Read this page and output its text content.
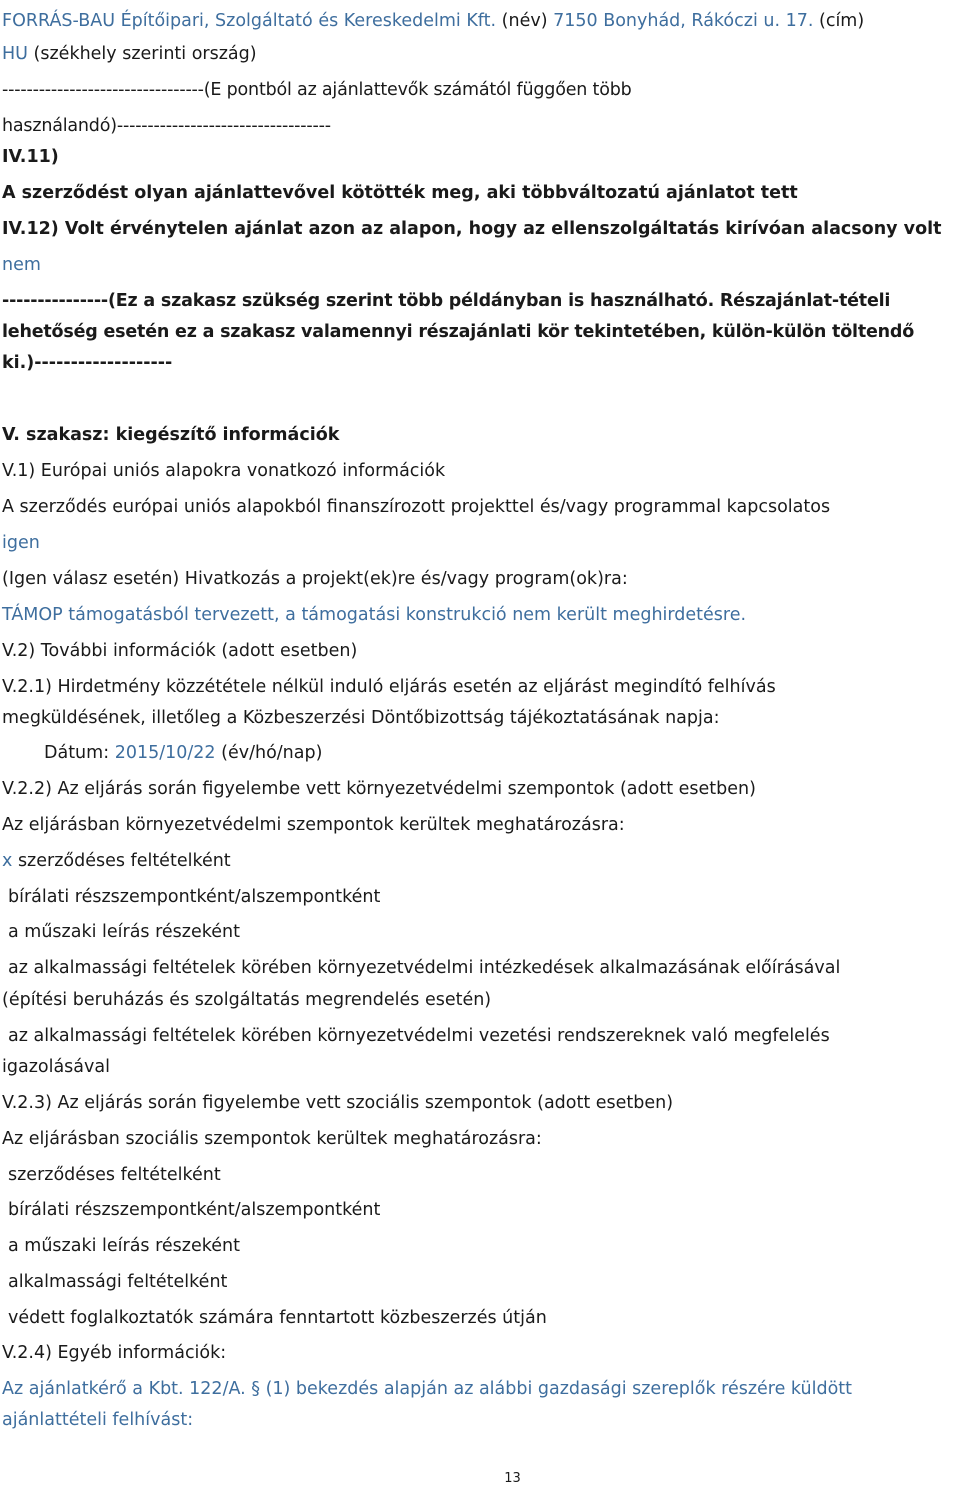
FORRÁS-BAU Építőipari, Szolgáltató és Kereskedelmi Kft. (név) 7150 Bonyhád, Rákóczi u. 17. (cím)
HU (székhely szerinti ország)
---------------------------------(E pontból az ajánlattevők számától függően több
használandó)-----------------------------------
IV.11)
A szerződést olyan ajánlattevővel kötötték meg, aki többváltozatú ajánlatot tett
IV.12) Volt érvénytelen ajánlat azon az alapon, hogy az ellenszolgáltatás kirívóan alacsony volt
nem
---------------(Ez a szakasz szükség szerint több példányban is használható. Részajánlat-tételi
lehetőség esetén ez a szakasz valamennyi részajánlati kör tekintetében, külön-külön töltendő
ki.)-------------------
V. szakasz: kiegészítő információk
V.1) Európai uniós alapokra vonatkozó információk
A szerződés európai uniós alapokból finanszírozott projekttel és/vagy programmal kapcsolatos
igen
(Igen válasz esetén) Hivatkozás a projekt(ek)re és/vagy program(ok)ra:
TÁMOP támogatásból tervezett, a támogatási konstrukció nem került meghirdetésre.
V.2) További információk (adott esetben)
V.2.1) Hirdetmény közzététele nélkül induló eljárás esetén az eljárást megindító felhívás
megküldésének, illetőleg a Közbeszerzési Döntőbizottság tájékoztatásának napja:
Dátum: 2015/10/22 (év/hó/nap)
V.2.2) Az eljárás során figyelembe vett környezetvédelmi szempontok (adott esetben)
Az eljárásban környezetvédelmi szempontok kerültek meghatározásra:
x szerződéses feltételként
bírálati részszempontként/alszempontként
a műszaki leírás részeként
az alkalmassági feltételek körében környezetvédelmi intézkedések alkalmazásának előírásával
(építési beruházás és szolgáltatás megrendelés esetén)
az alkalmassági feltételek körében környezetvédelmi vezetési rendszereknek való megfelelés
igazolásával
V.2.3) Az eljárás során figyelembe vett szociális szempontok (adott esetben)
Az eljárásban szociális szempontok kerültek meghatározásra:
szerződéses feltételként
bírálati részszempontként/alszempontként
a műszaki leírás részeként
alkalmassági feltételként
védett foglalkoztatók számára fenntartott közbeszerzés útján
V.2.4) Egyéb információk:
Az ajánlatkérő a Kbt. 122/A. § (1) bekezdés alapján az alábbi gazdasági szereplők részére küldött
ajánlattételi felhívást:
13
